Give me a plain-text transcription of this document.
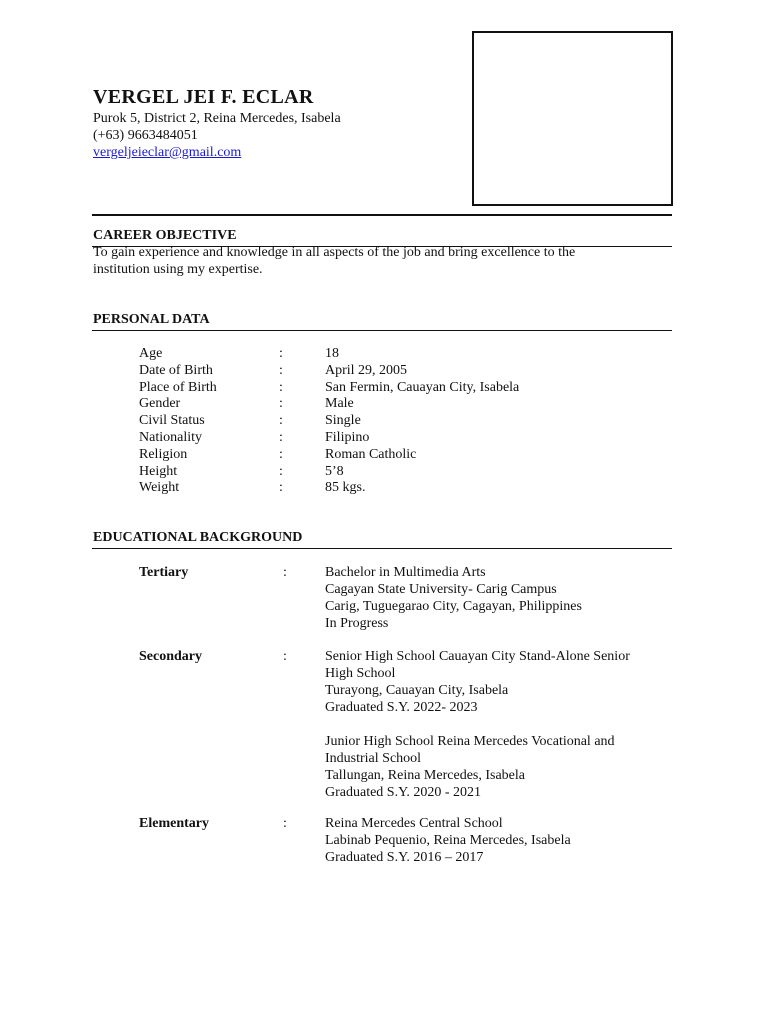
VERGEL JEI F. ECLAR
Purok 5, District 2, Reina Mercedes, Isabela
(+63) 9663484051
vergeljeieclar@gmail.com
CAREER OBJECTIVE
To gain experience and knowledge in all aspects of the job and bring excellence to the
institution using my expertise.
PERSONAL DATA
Age	:	18
Date of Birth	:	April 29, 2005
Place of Birth	:	San Fermin, Cauayan City, Isabela
Gender	:	Male
Civil Status	:	Single
Nationality	:	Filipino
Religion	:	Roman Catholic
Height	:	5’8
Weight	:	85 kgs.
EDUCATIONAL BACKGROUND
Tertiary	:	Bachelor in Multimedia Arts
Cagayan State University- Carig Campus
Carig, Tuguegarao City, Cagayan, Philippines
In Progress
Secondary	:	Senior High School Cauayan City Stand-Alone Senior
High School
Turayong, Cauayan City, Isabela
Graduated S.Y. 2022- 2023
Junior High School Reina Mercedes Vocational and
Industrial School
Tallungan, Reina Mercedes, Isabela
Graduated S.Y. 2020 - 2021
Elementary	:	Reina Mercedes Central School
Labinab Pequenio, Reina Mercedes, Isabela
Graduated S.Y. 2016 – 2017
